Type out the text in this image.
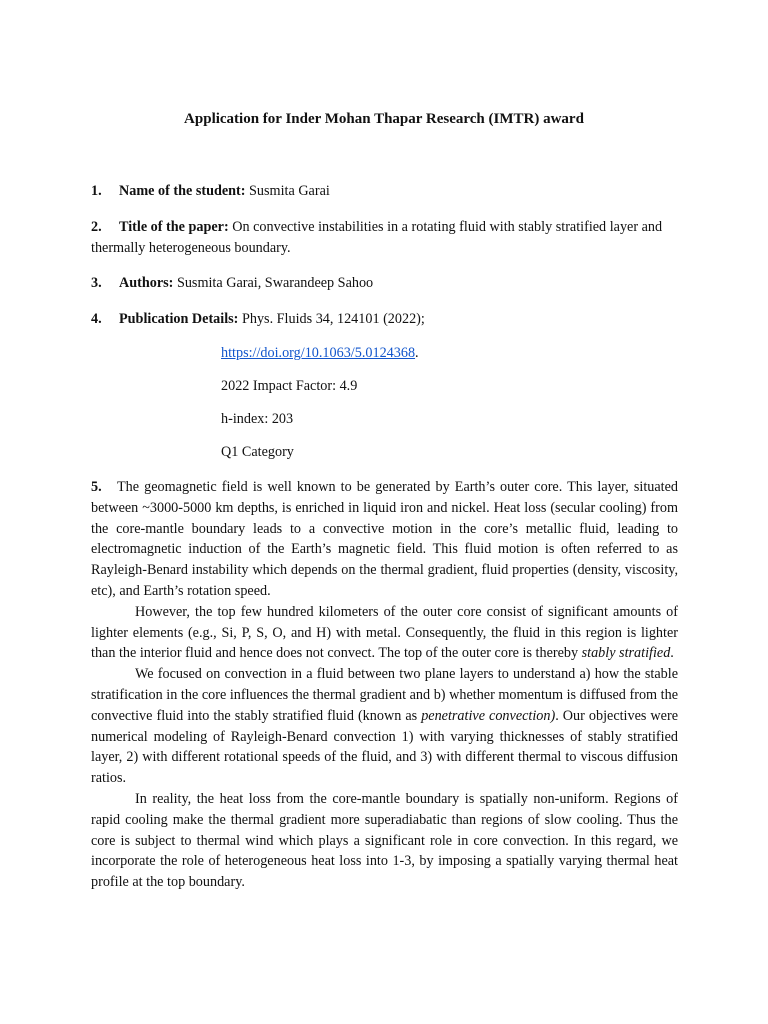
Application for Inder Mohan Thapar Research (IMTR) award
1. Name of the student: Susmita Garai
2. Title of the paper: On convective instabilities in a rotating fluid with stably stratified layer and thermally heterogeneous boundary.
3. Authors: Susmita Garai, Swarandeep Sahoo
4. Publication Details: Phys. Fluids 34, 124101 (2022);
https://doi.org/10.1063/5.0124368.
2022 Impact Factor: 4.9
h-index: 203
Q1 Category

5. The geomagnetic field is well known to be generated by Earth’s outer core. This layer, situated between ~3000-5000 km depths, is enriched in liquid iron and nickel. Heat loss (secular cooling) from the core-mantle boundary leads to a convective motion in the core’s metallic fluid, leading to electromagnetic induction of the Earth’s magnetic field. This fluid motion is often referred to as Rayleigh-Benard instability which depends on the thermal gradient, fluid properties (density, viscosity, etc), and Earth’s rotation speed.

However, the top few hundred kilometers of the outer core consist of significant amounts of lighter elements (e.g., Si, P, S, O, and H) with metal. Consequently, the fluid in this region is lighter than the interior fluid and hence does not convect. The top of the outer core is thereby stably stratified.

We focused on convection in a fluid between two plane layers to understand a) how the stable stratification in the core influences the thermal gradient and b) whether momentum is diffused from the convective fluid into the stably stratified fluid (known as penetrative convection). Our objectives were numerical modeling of Rayleigh-Benard convection 1) with varying thicknesses of stably stratified layer, 2) with different rotational speeds of the fluid, and 3) with different thermal to viscous diffusion ratios.

In reality, the heat loss from the core-mantle boundary is spatially non-uniform. Regions of rapid cooling make the thermal gradient more superadiabatic than regions of slow cooling. Thus the core is subject to thermal wind which plays a significant role in core convection. In this regard, we incorporate the role of heterogeneous heat loss into 1-3, by imposing a spatially varying thermal heat profile at the top boundary.
